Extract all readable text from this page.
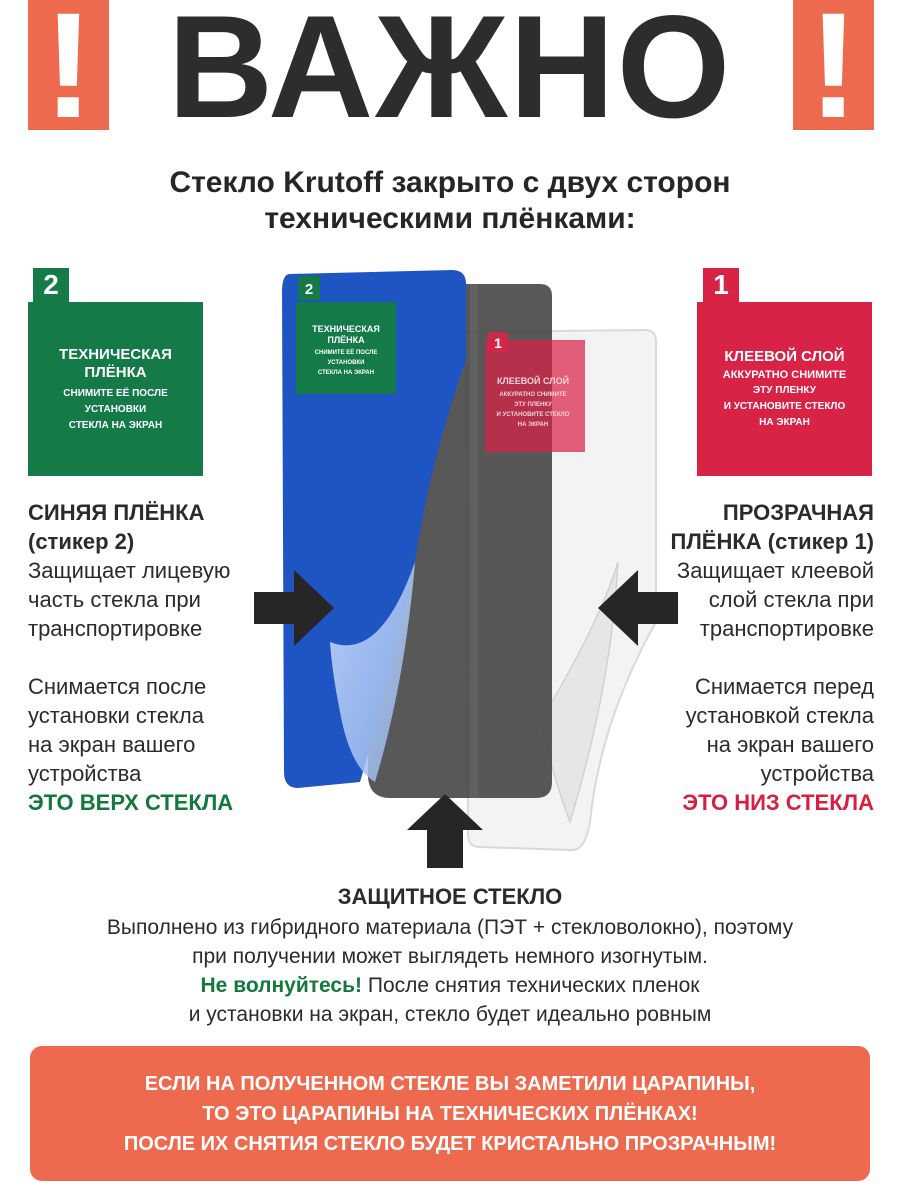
! ВАЖНО !
Стекло Krutoff закрыто с двух сторон
техническими плёнками:
2
ТЕХНИЧЕСКАЯ
ПЛЁНКА
СНИМИТЕ ЕЁ ПОСЛЕ
УСТАНОВКИ
СТЕКЛА НА ЭКРАН
1
КЛЕЕВОЙ СЛОЙ
АККУРАТНО СНИМИТЕ
ЭТУ ПЛЕНКУ
И УСТАНОВИТЕ СТЕКЛО
НА ЭКРАН
1
КЛЕЕВОЙ СЛОЙ
АККУРАТНО СНИМИТЕ
ЭТУ ПЛЕНКУ
И УСТАНОВИТЕ СТЕКЛО
НА ЭКРАН
2
ТЕХНИЧЕСКАЯ
ПЛЁНКА
СНИМИТЕ ЕЁ ПОСЛЕ
УСТАНОВКИ
СТЕКЛА НА ЭКРАН
СИНЯЯ ПЛЁНКА
(стикер 2)
Защищает лицевую
часть стекла при
транспортировке
Снимается после
установки стекла
на экран вашего
устройства
ЭТО ВЕРХ СТЕКЛА
ПРОЗРАЧНАЯ
ПЛЁНКА (стикер 1)
Защищает клеевой
слой стекла при
транспортировке
Снимается перед
установкой стекла
на экран вашего
устройства
ЭТО НИЗ СТЕКЛА
ЗАЩИТНОЕ СТЕКЛО
Выполнено из гибридного материала (ПЭТ + стекловолокно), поэтому
при получении может выглядеть немного изогнутым.
Не волнуйтесь! После снятия технических пленок
и установки на экран, стекло будет идеально ровным
ЕСЛИ НА ПОЛУЧЕННОМ СТЕКЛЕ ВЫ ЗАМЕТИЛИ ЦАРАПИНЫ,
ТО ЭТО ЦАРАПИНЫ НА ТЕХНИЧЕСКИХ ПЛЁНКАХ!
ПОСЛЕ ИХ СНЯТИЯ СТЕКЛО БУДЕТ КРИСТАЛЬНО ПРОЗРАЧНЫМ!
